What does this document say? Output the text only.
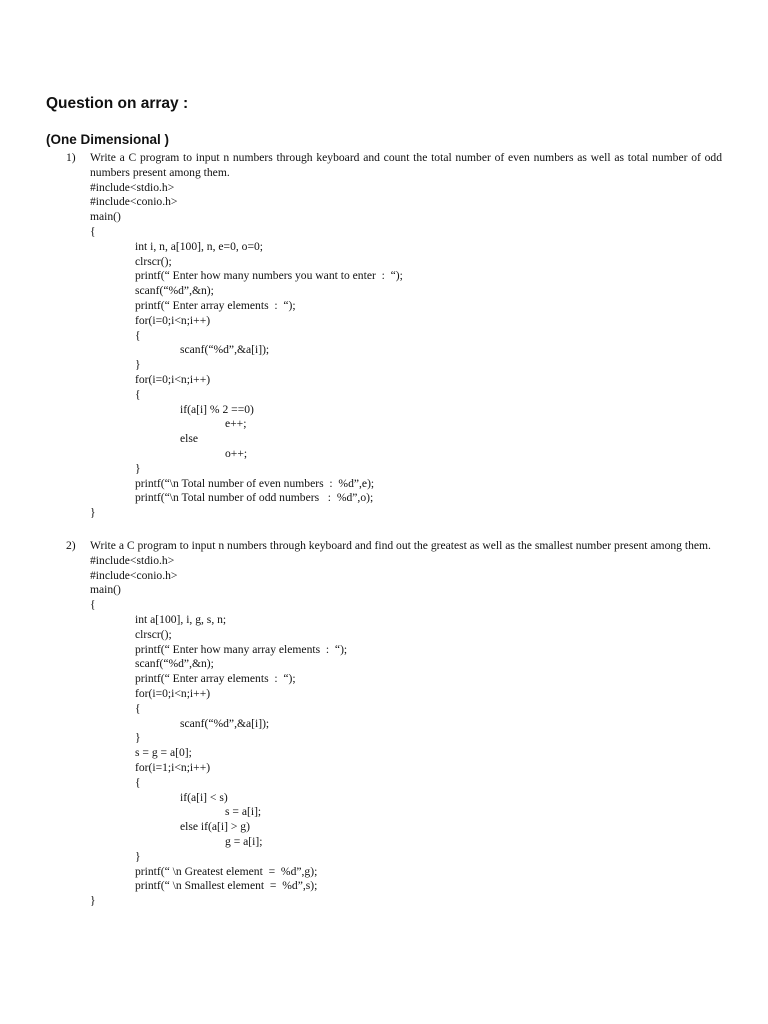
Question on array :
(One Dimensional )
1)	Write a C program to input n numbers through keyboard and count the total number of even numbers as well as total number of odd numbers present among them.
#include<stdio.h>
#include<conio.h>
main()
{
int i, n, a[100], n, e=0, o=0;
clrscr();
printf(“ Enter how many numbers you want to enter  :  “);
scanf(“%d”,&n);
printf(“ Enter array elements  :  “);
for(i=0;i<n;i++)
{
scanf(“%d”,&a[i]);
}
for(i=0;i<n;i++)
{
if(a[i] % 2 ==0)
e++;
else
o++;
}
printf(“\n Total number of even numbers  :  %d”,e);
printf(“\n Total number of odd numbers   :  %d”,o);
}
2)	Write a C program to input n numbers through keyboard and find out the greatest as well as the smallest number present among them.
#include<stdio.h>
#include<conio.h>
main()
{
int a[100], i, g, s, n;
clrscr();
printf(“ Enter how many array elements  :  “);
scanf(“%d”,&n);
printf(“ Enter array elements  :  “);
for(i=0;i<n;i++)
{
scanf(“%d”,&a[i]);
}
s = g = a[0];
for(i=1;i<n;i++)
{
if(a[i] < s)
s = a[i];
else if(a[i] > g)
g = a[i];
}
printf(“ \n Greatest element  =  %d”,g);
printf(“ \n Smallest element  =  %d”,s);
}
